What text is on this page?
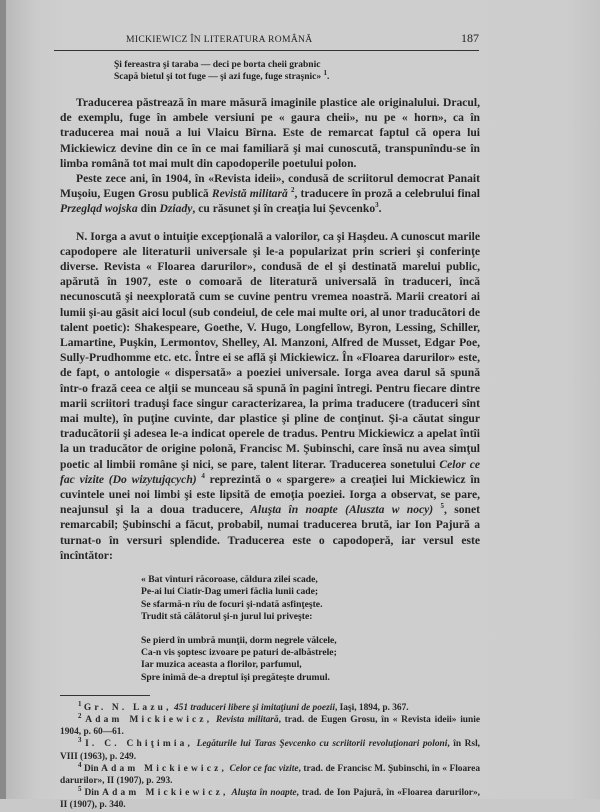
MICKIEWICZ ÎN LITERATURA ROMÂNĂ	187
Şi fereastra şi taraba — deci pe borta cheii grabnic
Scapă bietul şi tot fuge — şi azi fuge, fuge straşnic» $^1$.

Traducerea păstrează în mare măsură imaginile plastice ale originalului. Dracul, de exemplu, fuge în ambele versiuni pe « gaura cheii», nu pe « horn», ca în traducerea mai nouă a lui Vlaicu Bîrna. Este de remarcat faptul că opera lui Mickiewicz devine din ce în ce mai familiară şi mai cunoscută, transpunîndu-se în limba română tot mai mult din capodoperile poetului polon.

Peste zece ani, în 1904, în «Revista ideii», condusă de scriitorul democrat Panait Muşoiu, Eugen Grosu publică Revistă militară $^2$, traducere în proză a celebrului final Przegląd wojska din Dziady, cu răsunet şi în creaţia lui Şevcenko$^3$.

N. Iorga a avut o intuiţie excepţională a valorilor, ca şi Haşdeu. A cunoscut marile capodopere ale literaturii universale şi le-a popularizat prin scrieri şi conferinţe diverse. Revista « Floarea darurilor», condusă de el şi destinată marelui public, apărută în 1907, este o comoară de literatură universală în traduceri, încă necunoscută şi neexplorată cum se cuvine pentru vremea noastră. Marii creatori ai lumii şi-au găsit aici locul (sub condeiul, de cele mai multe ori, al unor traducători de talent poetic): Shakespeare, Goethe, V. Hugo, Longfellow, Byron, Lessing, Schiller, Lamartine, Puşkin, Lermontov, Shelley, Al. Manzoni, Alfred de Musset, Edgar Poe, Sully-Prudhomme etc. etc. Între ei se află şi Mickiewicz. În «Floarea darurilor» este, de fapt, o antologie « dispersată» a poeziei universale. Iorga avea darul să spună într-o frază ceea ce alţii se munceau să spună în pagini întregi. Pentru fiecare dintre marii scriitori traduşi face singur caracterizarea, la prima traducere (traduceri sînt mai multe), în puţine cuvinte, dar plastice şi pline de conţinut. Şi-a căutat singur traducătorii şi adesea le-a indicat operele de tradus. Pentru Mickiewicz a apelat întîi la un traducător de origine polonă, Francisc M. Şubinschi, care însă nu avea simţul poetic al limbii române şi nici, se pare, talent literar. Traducerea sonetului Celor ce fac vizite (Do wizytujących) $^4$ reprezintă o « spargere» a creaţiei lui Mickiewicz în cuvintele unei noi limbi şi este lipsită de emoţia poeziei. Iorga a observat, se pare, neajunsul şi la a doua traducere, Aluşta în noapte (Aluszta w nocy) $^5$, sonet remarcabil; Şubinschi a făcut, probabil, numai traducerea brută, iar Ion Pajură a turnat-o în versuri splendide. Traducerea este o capodoperă, iar versul este încîntător:

« Bat vînturi răcoroase, căldura zilei scade,
Pe-ai lui Ciatir-Dag umeri făclia lunii cade;
Se sfarmă-n rîu de focuri şi-ndată asfinţeşte.
Trudit stă călătorul şi-n jurul lui priveşte:
Se pierd în umbră munţii, dorm negrele vălcele,
Ca-n vis şoptesc izvoare pe paturi de-albăstrele;
Iar muzica aceasta a florilor, parfumul,
Spre inimă de-a dreptul îşi pregăteşte drumul.
$^1$ Gr. N. Lazu, 451 traduceri libere şi imitaţiuni de poezii, Iaşi, 1894, p. 367.
$^2$ Adam Mickiewicz, Revista militară, trad. de Eugen Grosu, în « Revista ideii» iunie 1904, p. 60—61.
$^3$ I. C. Chiţimia, Legăturile lui Taras Şevcenko cu scriitorii revoluţionari poloni, în Rsl, VIII (1963), p. 249.
$^4$ Din Adam Mickiewicz, Celor ce fac vizite, trad. de Francisc M. Şubinschi, în « Floarea darurilor», II (1907), p. 293.
$^5$ Din Adam Mickiewicz, Aluşta în noapte, trad. de Ion Pajură, în «Floarea darurilor», II (1907), p. 340.
